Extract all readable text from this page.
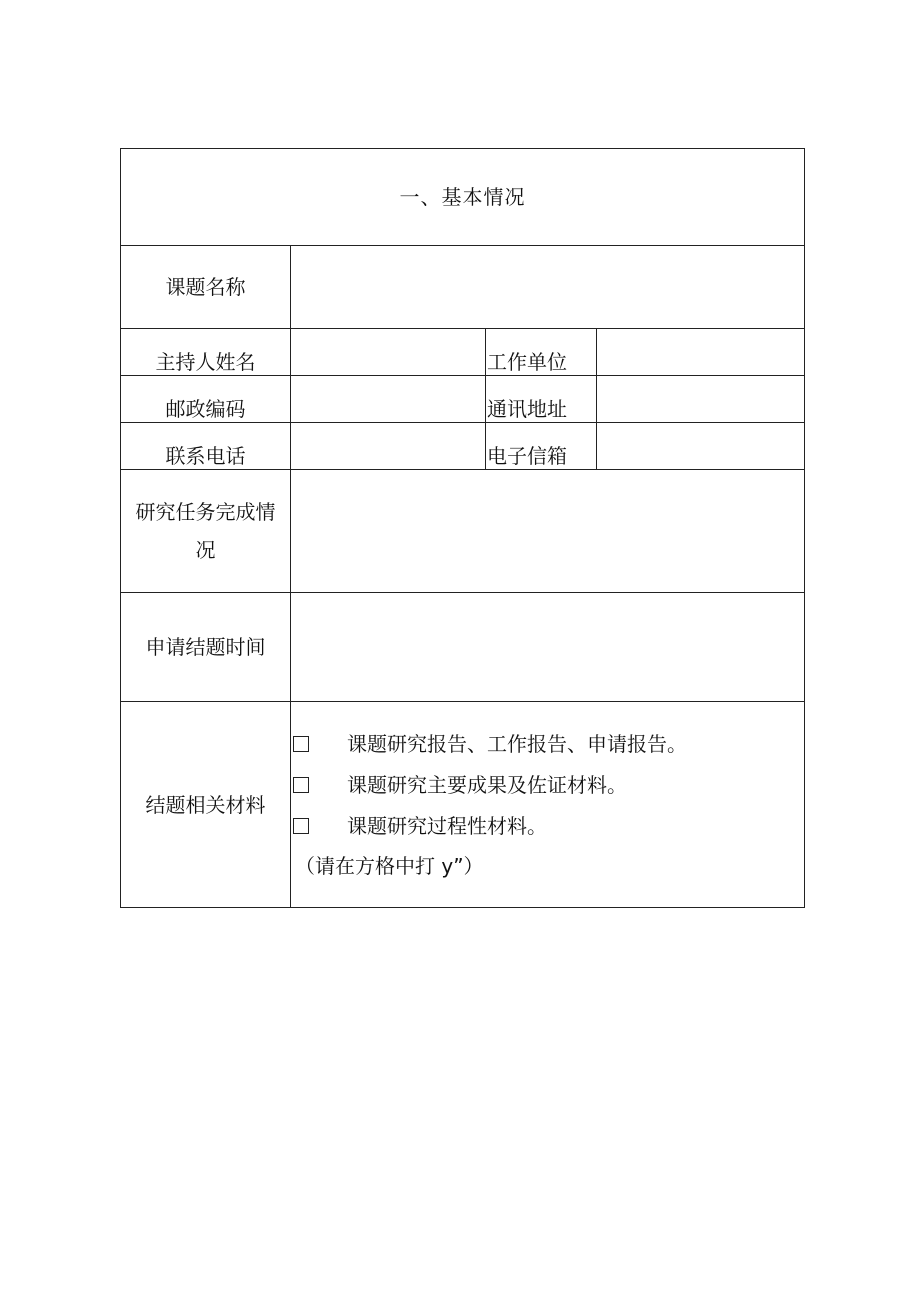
一、基本情况			
课题名称			

主持人姓名		工作单位	

邮政编码		通讯地址	

联系电话		电子信箱	

研究任务完成情况			
申请结题时间			
结题相关材料	课题研究报告、工作报告、申请报告。
课题研究主要成果及佐证材料。
课题研究过程性材料。
（请在方格中打 y”）		
